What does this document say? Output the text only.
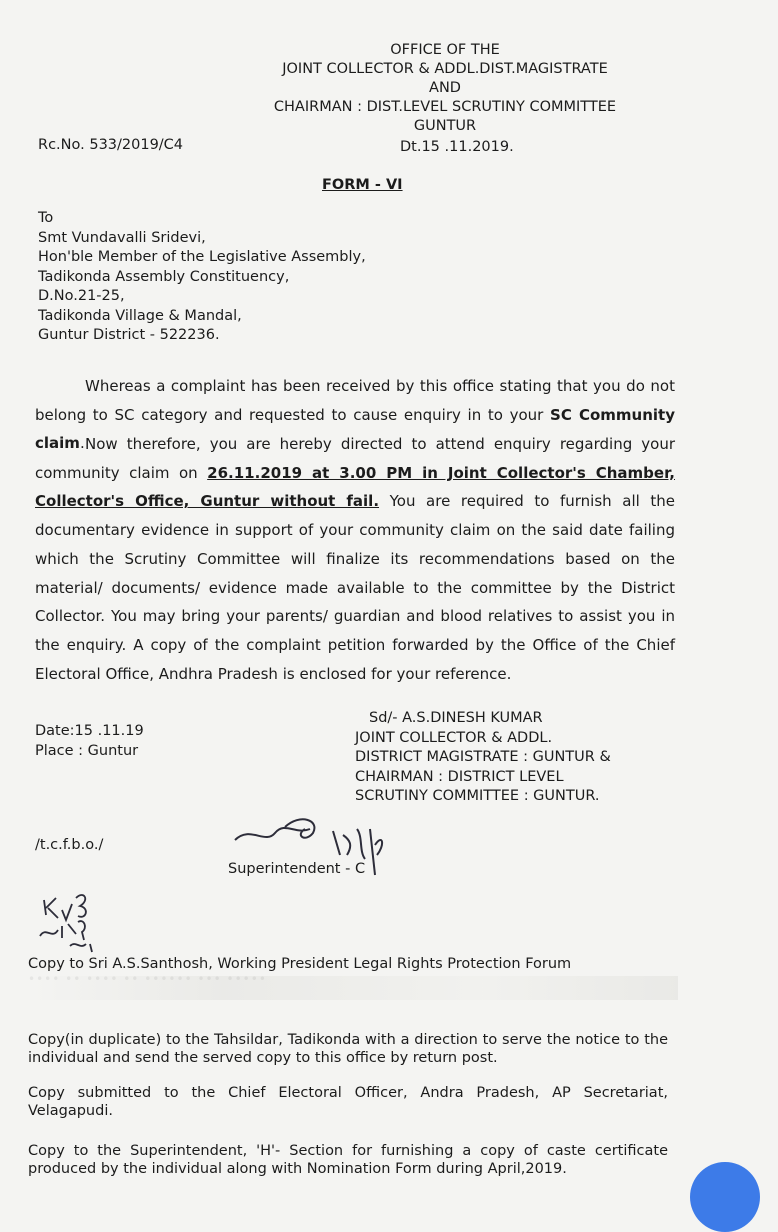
OFFICE OF THE
JOINT COLLECTOR & ADDL.DIST.MAGISTRATE
AND
CHAIRMAN : DIST.LEVEL SCRUTINY COMMITTEE
GUNTUR
Rc.No. 533/2019/C4	Dt.15 .11.2019.
FORM - VI
To
Smt Vundavalli Sridevi,
Hon'ble Member of the Legislative Assembly,
Tadikonda Assembly Constituency,
D.No.21-25,
Tadikonda Village & Mandal,
Guntur District - 522236.
Whereas a complaint has been received by this office stating that you do not belong to SC category and requested to cause enquiry in to your SC Community claim. Now therefore, you are hereby directed to attend enquiry regarding your community claim on 26.11.2019 at 3.00 PM in Joint Collector's Chamber, Collector's Office, Guntur without fail. You are required to furnish all the documentary evidence in support of your community claim on the said date failing which the Scrutiny Committee will finalize its recommendations based on the material/ documents/ evidence made available to the committee by the District Collector. You may bring your parents/ guardian and blood relatives to assist you in the enquiry. A copy of the complaint petition forwarded by the Office of the Chief Electoral Office, Andhra Pradesh is enclosed for your reference.
Date:15 .11.19
Place : Guntur
Sd/- A.S.DINESH KUMAR
JOINT COLLECTOR & ADDL.
DISTRICT MAGISTRATE : GUNTUR &
CHAIRMAN : DISTRICT LEVEL
SCRUTINY COMMITTEE : GUNTUR.
/t.c.f.b.o./
Superintendent - C
Copy to Sri A.S.Santhosh, Working President Legal Rights Protection Forum
Copy(in duplicate) to the Tahsildar, Tadikonda with a direction to serve the notice to the individual and send the served copy to this office by return post.
Copy submitted to the Chief Electoral Officer, Andra Pradesh, AP Secretariat, Velagapudi.
Copy to the Superintendent, 'H'- Section for furnishing a copy of caste certificate produced by the individual along with Nomination Form during April,2019.
